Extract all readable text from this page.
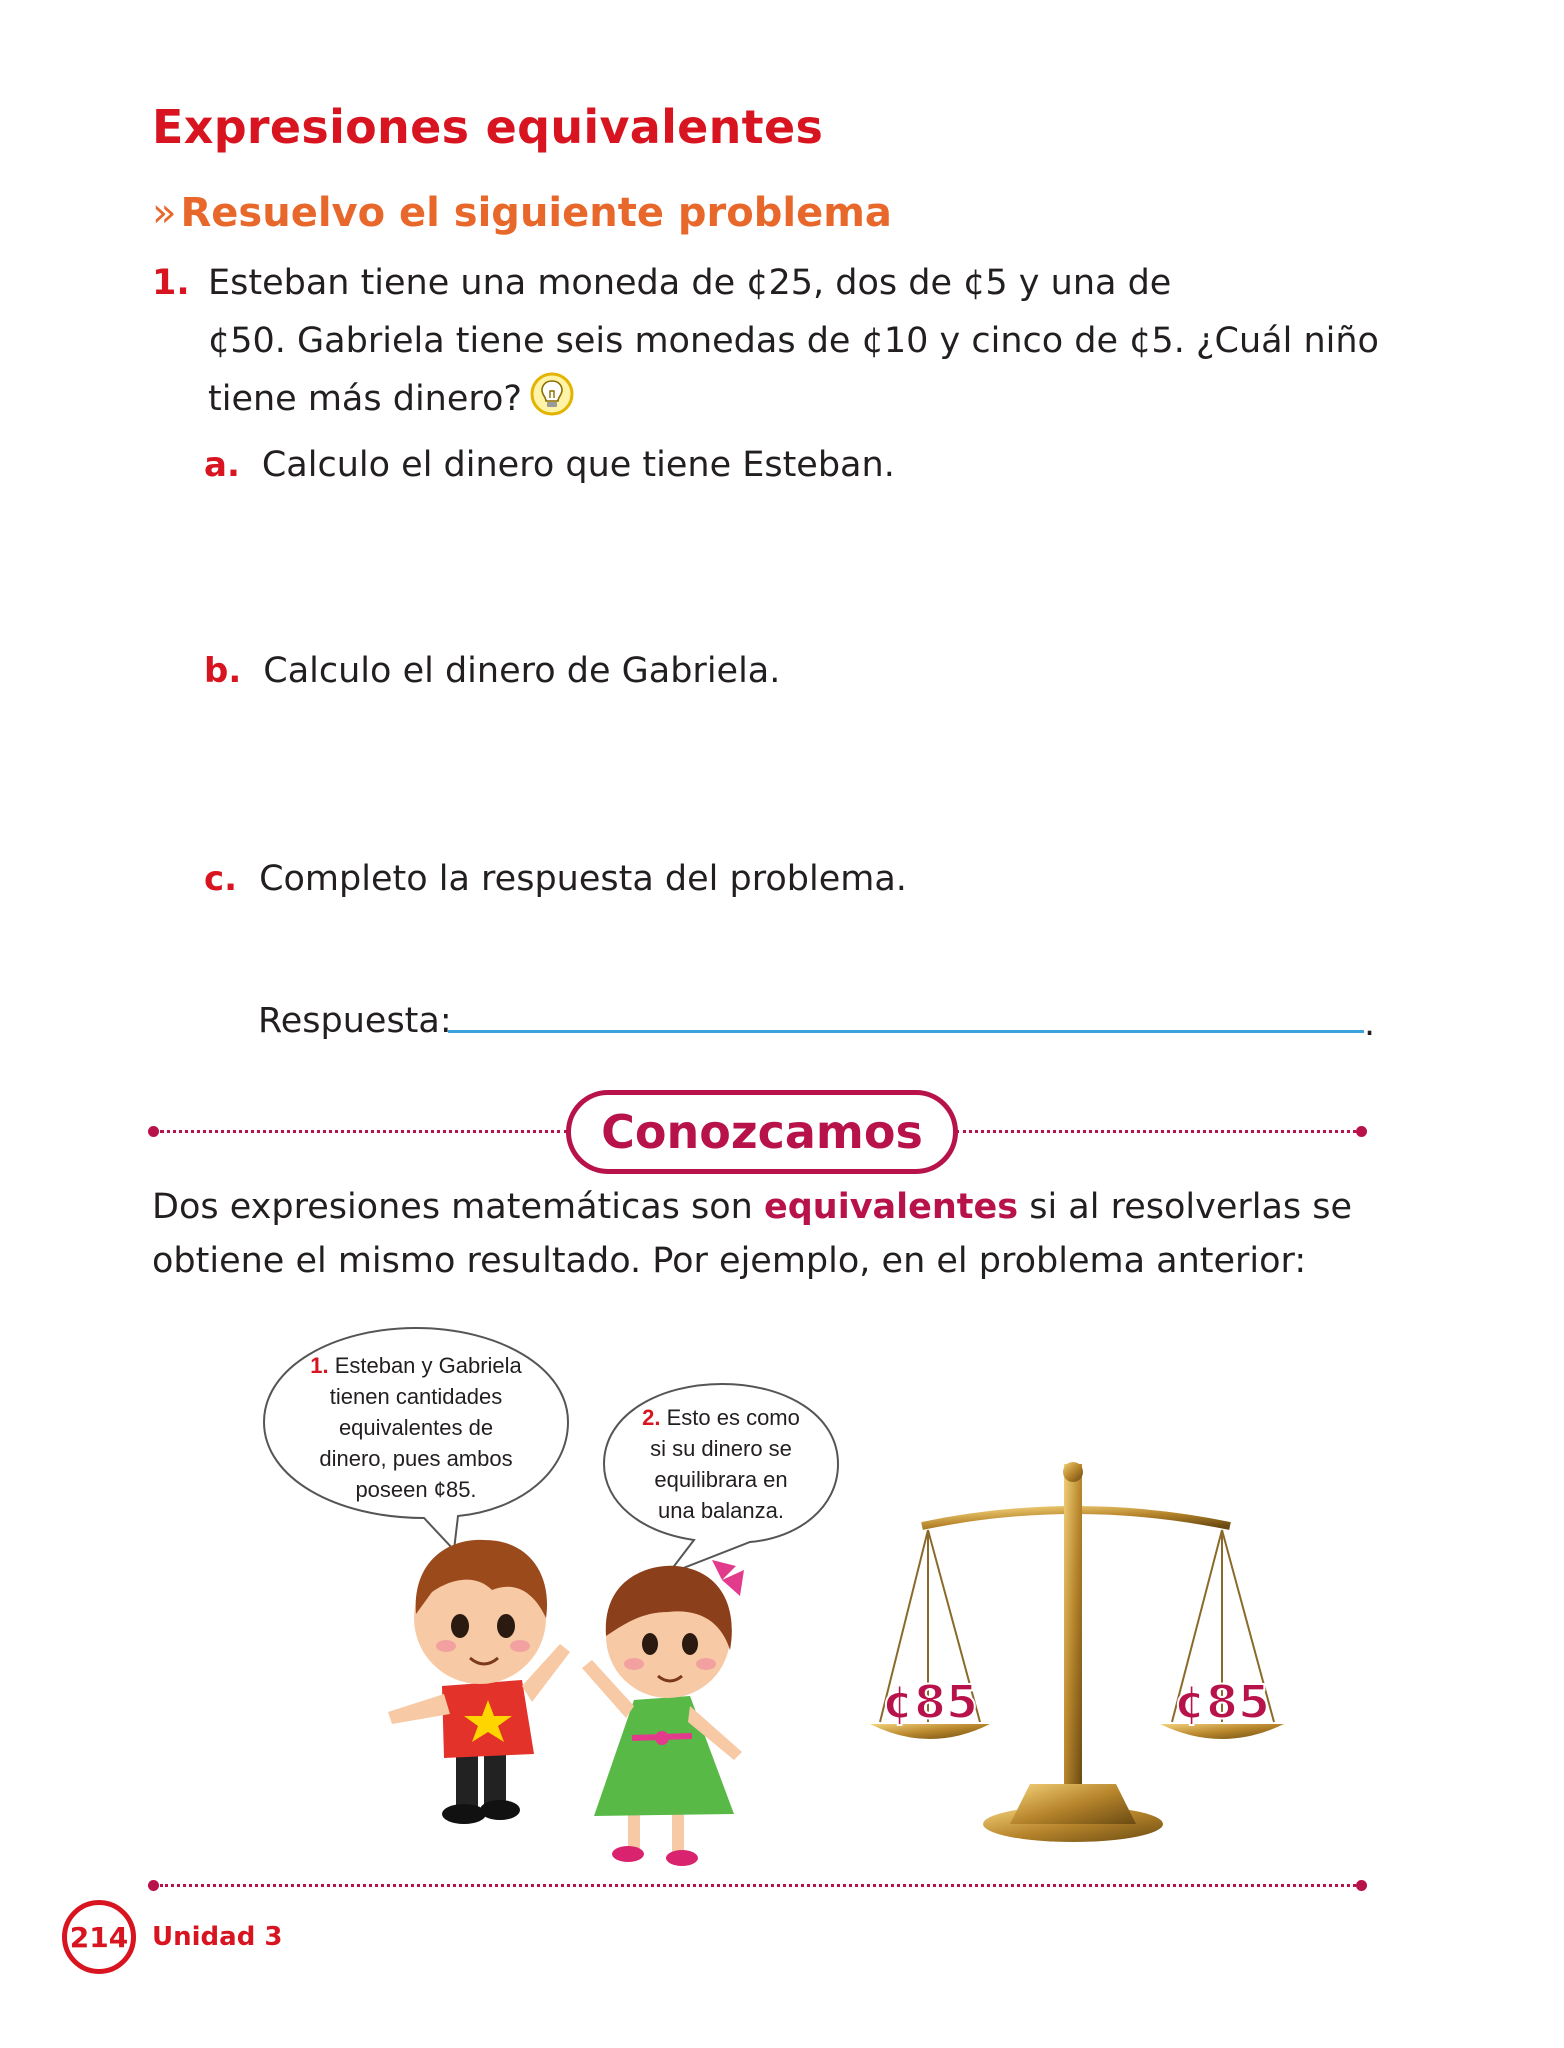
Expresiones equivalentes
» Resuelvo el siguiente problema
1. Esteban tiene una moneda de ¢25, dos de ¢5 y una de
¢50. Gabriela tiene seis monedas de ¢10 y cinco de ¢5. ¿Cuál niño
tiene más dinero?
a. Calculo el dinero que tiene Esteban.
b. Calculo el dinero de Gabriela.
c. Completo la respuesta del problema.
Respuesta:	.
Conozcamos
Dos expresiones matemáticas son equivalentes si al resolverlas se obtiene el mismo resultado. Por ejemplo, en el problema anterior:
1. Esteban y Gabriela
tienen cantidades
equivalentes de
dinero, pues ambos
poseen ¢85.
2. Esto es como
si su dinero se
equilibrara en
una balanza.
¢85	¢85
214 Unidad 3
